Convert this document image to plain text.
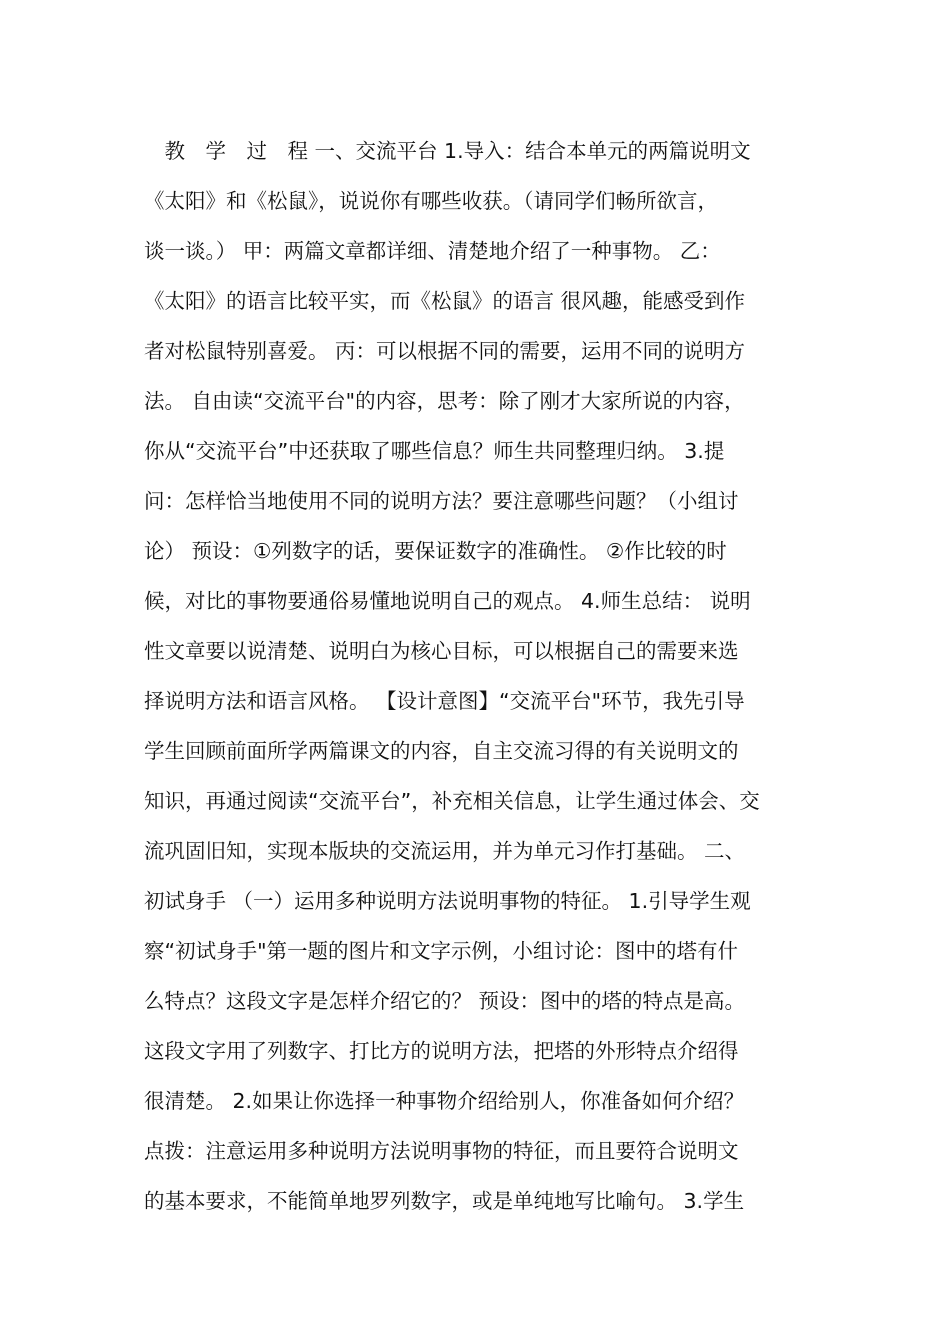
　教　学　过　程 一、交流平台 1.导入：结合本单元的两篇说明文
《太阳》和《松鼠》，说说你有哪些收获。（请同学们畅所欲言，
谈一谈。） 甲：两篇文章都详细、清楚地介绍了一种事物。 乙：
《太阳》的语言比较平实，而《松鼠》的语言 很风趣，能感受到作
者对松鼠特别喜爱。 丙：可以根据不同的需要，运用不同的说明方
法。 自由读“交流平台"的内容，思考：除了刚才大家所说的内容，
你从“交流平台”中还获取了哪些信息？师生共同整理归纳。 3.提
问：怎样恰当地使用不同的说明方法？要注意哪些问题？（小组讨
论） 预设：①列数字的话，要保证数字的准确性。 ②作比较的时
候，对比的事物要通俗易懂地说明自己的观点。 4.师生总结： 说明
性文章要以说清楚、说明白为核心目标，可以根据自己的需要来选
择说明方法和语言风格。 【设计意图】“交流平台"环节，我先引导
学生回顾前面所学两篇课文的内容，自主交流习得的有关说明文的
知识，再通过阅读“交流平台”，补充相关信息，让学生通过体会、交
流巩固旧知，实现本版块的交流运用，并为单元习作打基础。 二、
初试身手 （一）运用多种说明方法说明事物的特征。 1.引导学生观
察“初试身手"第一题的图片和文字示例，小组讨论：图中的塔有什
么特点？这段文字是怎样介绍它的？ 预设：图中的塔的特点是高。
这段文字用了列数字、打比方的说明方法，把塔的外形特点介绍得
很清楚。 2.如果让你选择一种事物介绍给别人，你准备如何介绍？
点拨：注意运用多种说明方法说明事物的特征，而且要符合说明文
的基本要求，不能简单地罗列数字，或是单纯地写比喻句。 3.学生
